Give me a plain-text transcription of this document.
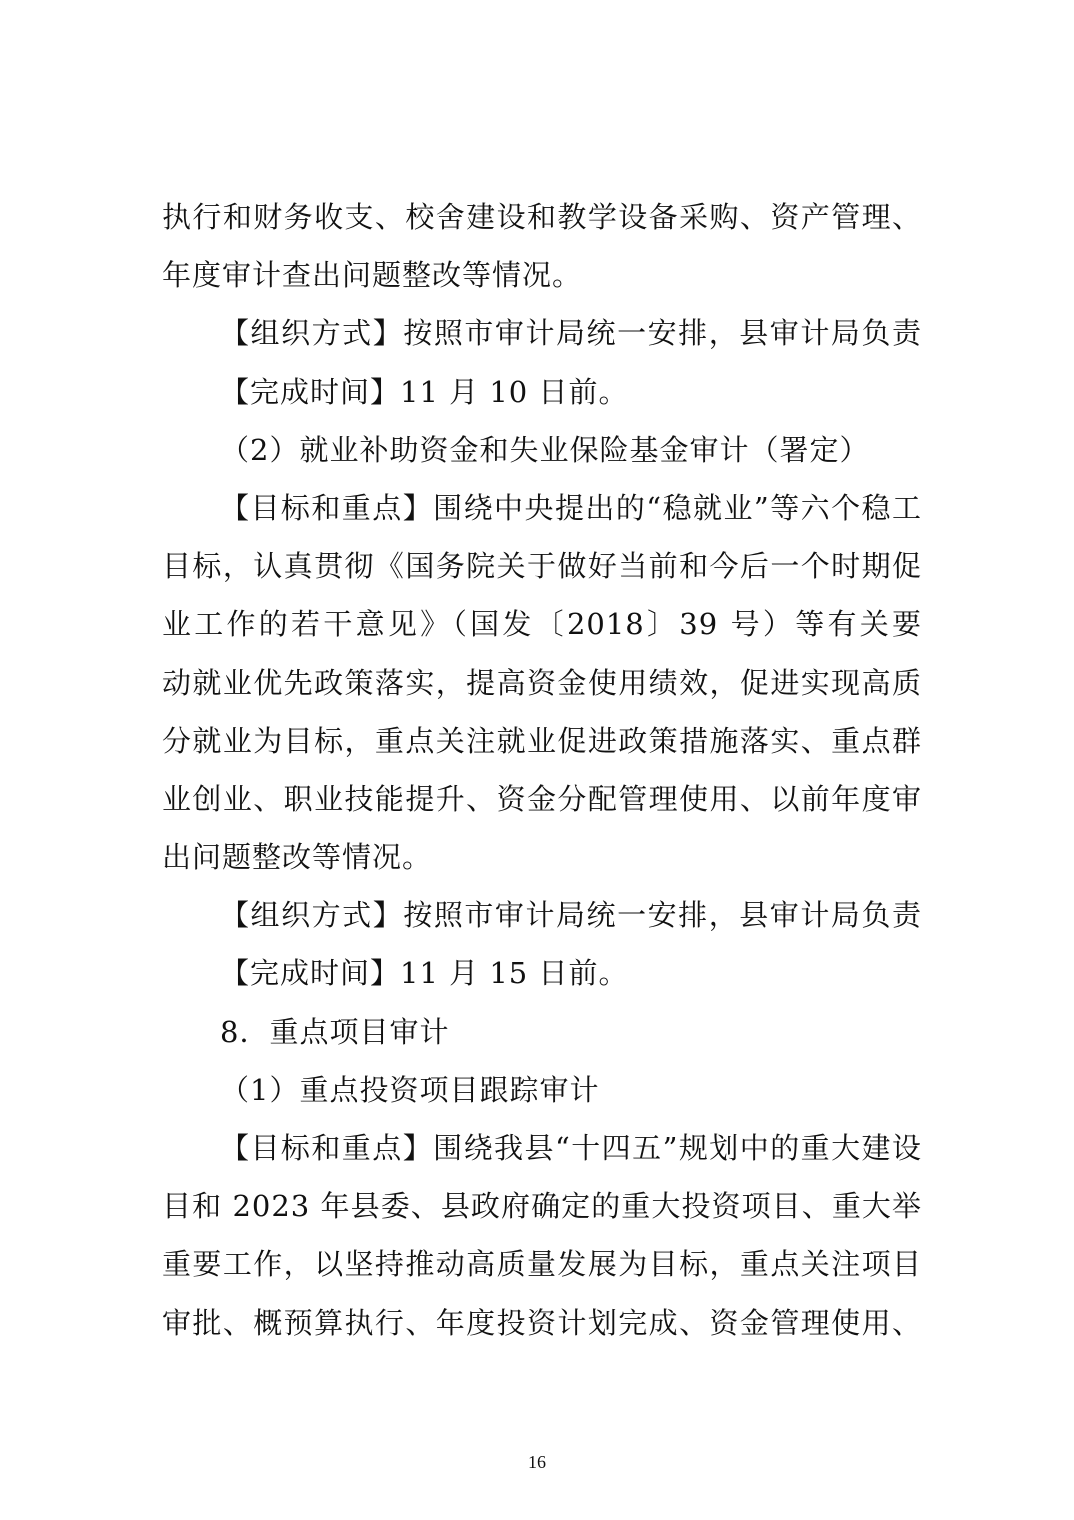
执行和财务收支、校舍建设和教学设备采购、资产管理、
年度审计查出问题整改等情况。
【组织方式】按照市审计局统一安排，县审计局负责
【完成时间】11 月 10 日前。
（2）就业补助资金和失业保险基金审计（署定）
【目标和重点】围绕中央提出的“稳就业”等六个稳工
目标，认真贯彻《国务院关于做好当前和今后一个时期促
业工作的若干意见》（国发〔2018〕39 号）等有关要
动就业优先政策落实，提高资金使用绩效，促进实现高质
分就业为目标，重点关注就业促进政策措施落实、重点群
业创业、职业技能提升、资金分配管理使用、以前年度审
出问题整改等情况。
【组织方式】按照市审计局统一安排，县审计局负责
【完成时间】11 月 15 日前。
8．重点项目审计
（1）重点投资项目跟踪审计
【目标和重点】围绕我县“十四五”规划中的重大建设
目和 2023 年县委、县政府确定的重大投资项目、重大举
重要工作，以坚持推动高质量发展为目标，重点关注项目
审批、概预算执行、年度投资计划完成、资金管理使用、
16
